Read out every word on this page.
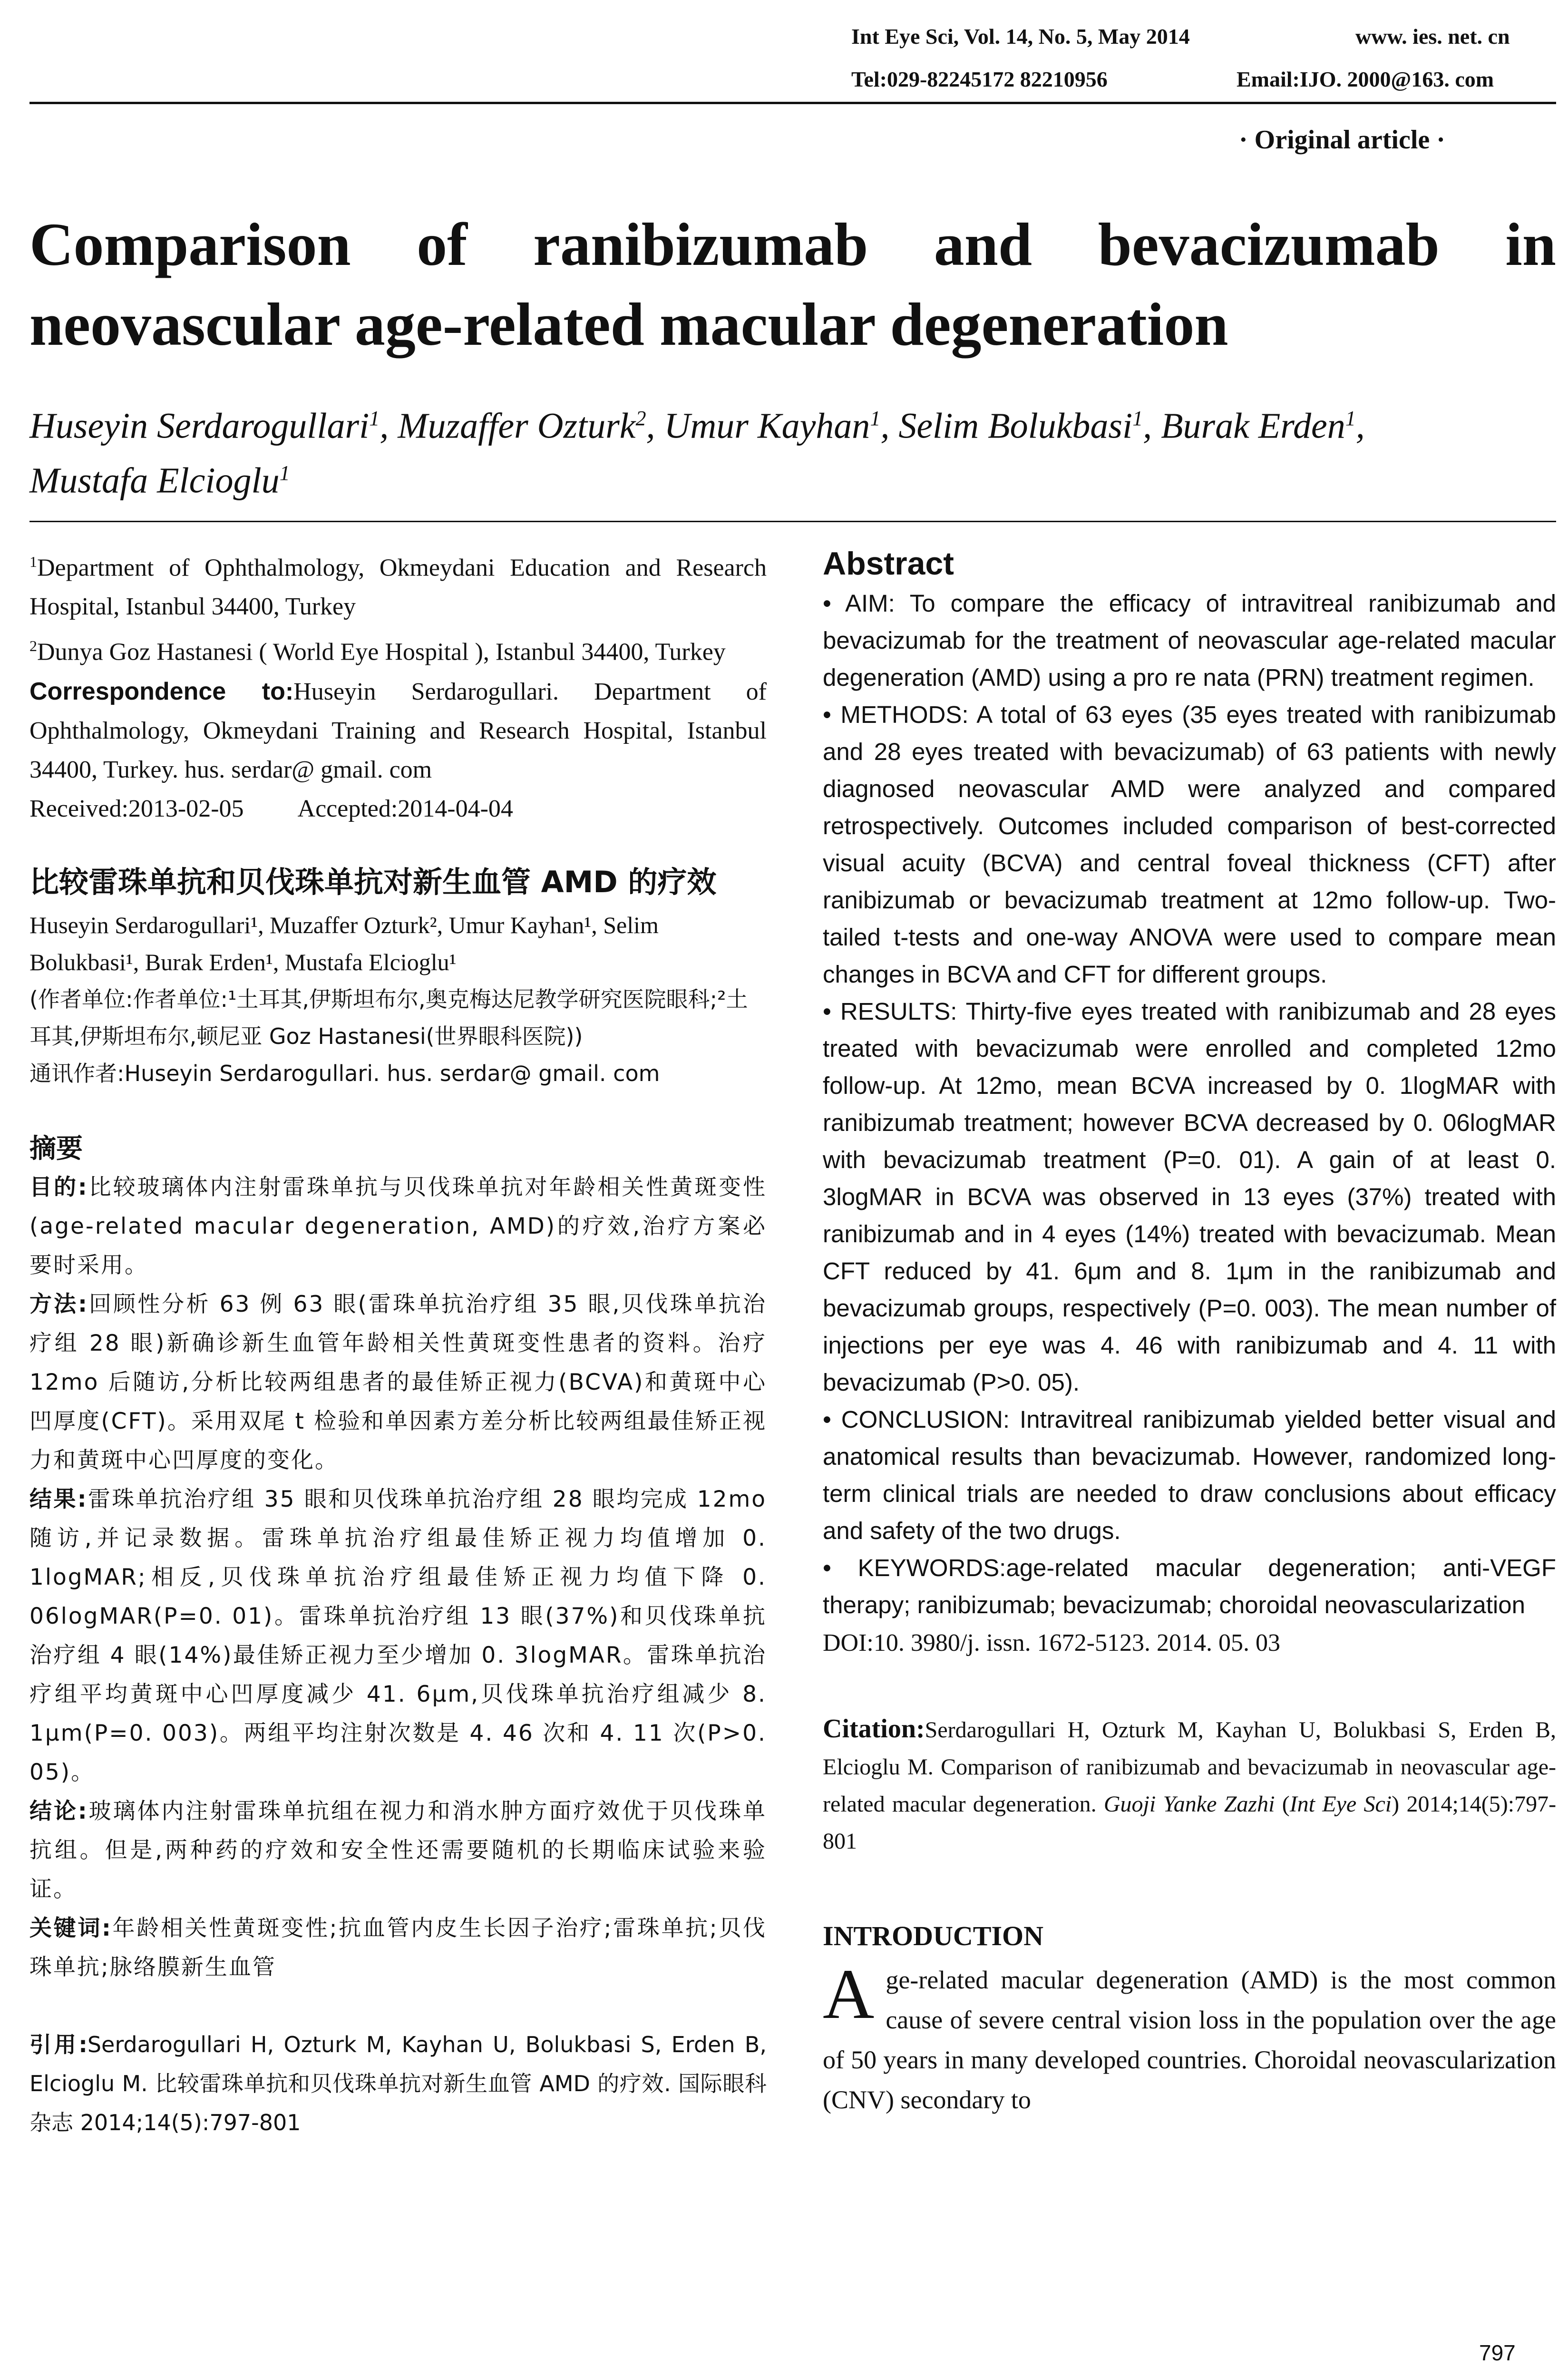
Int Eye Sci, Vol. 14, No. 5, May 2014	www. ies. net. cn
Tel:029-82245172 82210956	Email:IJO. 2000@163. com
· Original article ·
Comparison of ranibizumab and bevacizumab in
neovascular age-related macular degeneration
Huseyin Serdarogullari$^1$, Muzaffer Ozturk$^2$, Umur Kayhan$^1$, Selim Bolukbasi$^1$, Burak Erden$^1$,
Mustafa Elcioglu$^1$
$^1$Department of Ophthalmology, Okmeydani Education and Research Hospital, Istanbul 34400, Turkey
$^2$Dunya Goz Hastanesi ( World Eye Hospital ), Istanbul 34400, Turkey
Correspondence to:Huseyin Serdarogullari. Department of Ophthalmology, Okmeydani Training and Research Hospital, Istanbul 34400, Turkey. hus. serdar@ gmail. com
Received:2013-02-05 Accepted:2014-04-04
比较雷珠单抗和贝伐珠单抗对新生血管 AMD 的疗效
Huseyin Serdarogullari¹, Muzaffer Ozturk², Umur Kayhan¹, Selim Bolukbasi¹, Burak Erden¹, Mustafa Elcioglu¹
(作者单位:作者单位:¹土耳其,伊斯坦布尔,奥克梅达尼教学研究医院眼科;²土耳其,伊斯坦布尔,顿尼亚 Goz Hastanesi(世界眼科医院))
通讯作者:Huseyin Serdarogullari. hus. serdar@ gmail. com
摘要
目的:比较玻璃体内注射雷珠单抗与贝伐珠单抗对年龄相关性黄斑变性(age-related macular degeneration, AMD)的疗效,治疗方案必要时采用。
方法:回顾性分析 63 例 63 眼(雷珠单抗治疗组 35 眼,贝伐珠单抗治疗组 28 眼)新确诊新生血管年龄相关性黄斑变性患者的资料。治疗 12mo 后随访,分析比较两组患者的最佳矫正视力(BCVA)和黄斑中心凹厚度(CFT)。采用双尾 t 检验和单因素方差分析比较两组最佳矫正视力和黄斑中心凹厚度的变化。
结果:雷珠单抗治疗组 35 眼和贝伐珠单抗治疗组 28 眼均完成 12mo 随访,并记录数据。雷珠单抗治疗组最佳矫正视力均值增加 0. 1logMAR;相反,贝伐珠单抗治疗组最佳矫正视力均值下降 0. 06logMAR(P=0. 01)。雷珠单抗治疗组 13 眼(37%)和贝伐珠单抗治疗组 4 眼(14%)最佳矫正视力至少增加 0. 3logMAR。雷珠单抗治疗组平均黄斑中心凹厚度减少 41. 6μm,贝伐珠单抗治疗组减少 8. 1μm(P=0. 003)。两组平均注射次数是 4. 46 次和 4. 11 次(P>0. 05)。
结论:玻璃体内注射雷珠单抗组在视力和消水肿方面疗效优于贝伐珠单抗组。但是,两种药的疗效和安全性还需要随机的长期临床试验来验证。
关键词:年龄相关性黄斑变性;抗血管内皮生长因子治疗;雷珠单抗;贝伐珠单抗;脉络膜新生血管
引用:Serdarogullari H, Ozturk M, Kayhan U, Bolukbasi S, Erden B, Elcioglu M. 比较雷珠单抗和贝伐珠单抗对新生血管 AMD 的疗效. 国际眼科杂志 2014;14(5):797-801
Abstract

• AIM: To compare the efficacy of intravitreal ranibizumab and bevacizumab for the treatment of neovascular age-related macular degeneration (AMD) using a pro re nata (PRN) treatment regimen.

• METHODS: A total of 63 eyes (35 eyes treated with ranibizumab and 28 eyes treated with bevacizumab) of 63 patients with newly diagnosed neovascular AMD were analyzed and compared retrospectively. Outcomes included comparison of best-corrected visual acuity (BCVA) and central foveal thickness (CFT) after ranibizumab or bevacizumab treatment at 12mo follow-up. Two-tailed t-tests and one-way ANOVA were used to compare mean changes in BCVA and CFT for different groups.

• RESULTS: Thirty-five eyes treated with ranibizumab and 28 eyes treated with bevacizumab were enrolled and completed 12mo follow-up. At 12mo, mean BCVA increased by 0. 1logMAR with ranibizumab treatment; however BCVA decreased by 0. 06logMAR with bevacizumab treatment (P=0. 01). A gain of at least 0. 3logMAR in BCVA was observed in 13 eyes (37%) treated with ranibizumab and in 4 eyes (14%) treated with bevacizumab. Mean CFT reduced by 41. 6μm and 8. 1μm in the ranibizumab and bevacizumab groups, respectively (P=0. 003). The mean number of injections per eye was 4. 46 with ranibizumab and 4. 11 with bevacizumab (P>0. 05).

• CONCLUSION: Intravitreal ranibizumab yielded better visual and anatomical results than bevacizumab. However, randomized long-term clinical trials are needed to draw conclusions about efficacy and safety of the two drugs.

• KEYWORDS:age-related macular degeneration; anti-VEGF therapy; ranibizumab; bevacizumab; choroidal neovascularization

DOI:10. 3980/j. issn. 1672-5123. 2014. 05. 03
Citation:Serdarogullari H, Ozturk M, Kayhan U, Bolukbasi S, Erden B, Elcioglu M. Comparison of ranibizumab and bevacizumab in neovascular age-related macular degeneration. Guoji Yanke Zazhi (Int Eye Sci) 2014;14(5):797-801
INTRODUCTION
Age-related macular degeneration (AMD) is the most common cause of severe central vision loss in the population over the age of 50 years in many developed countries. Choroidal neovascularization (CNV) secondary to
797
